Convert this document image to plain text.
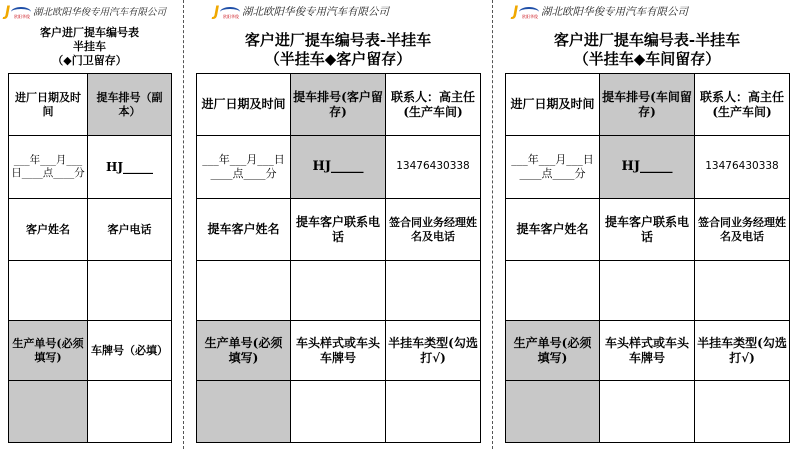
J 欧阳华俊 湖北欧阳华俊专用汽车有限公司
客户进厂提车编号表
半挂车
（◆门卫留存）
进厂日期及时间	提车排号（副本）
___年___月___日____点____分	HJ_____
客户姓名	客户电话

生产单号(必须填写)	车牌号（必填）

J 欧阳华俊 湖北欧阳华俊专用汽车有限公司
客户进厂提车编号表-半挂车
（半挂车◆客户留存）
进厂日期及时间	提车排号(客户留存)	联系人：高主任(生产车间)
___年___月___日____点____分	HJ_____	13476430338
提车客户姓名	提车客户联系电话	签合同业务经理姓名及电话

生产单号(必须填写)	车头样式或车头车牌号	半挂车类型(勾选打√)

J 欧阳华俊 湖北欧阳华俊专用汽车有限公司
客户进厂提车编号表-半挂车
（半挂车◆车间留存）
进厂日期及时间	提车排号(车间留存)	联系人：高主任(生产车间)
___年___月___日____点____分	HJ_____	13476430338
提车客户姓名	提车客户联系电话	签合同业务经理姓名及电话

生产单号(必须填写)	车头样式或车头车牌号	半挂车类型(勾选打√)
